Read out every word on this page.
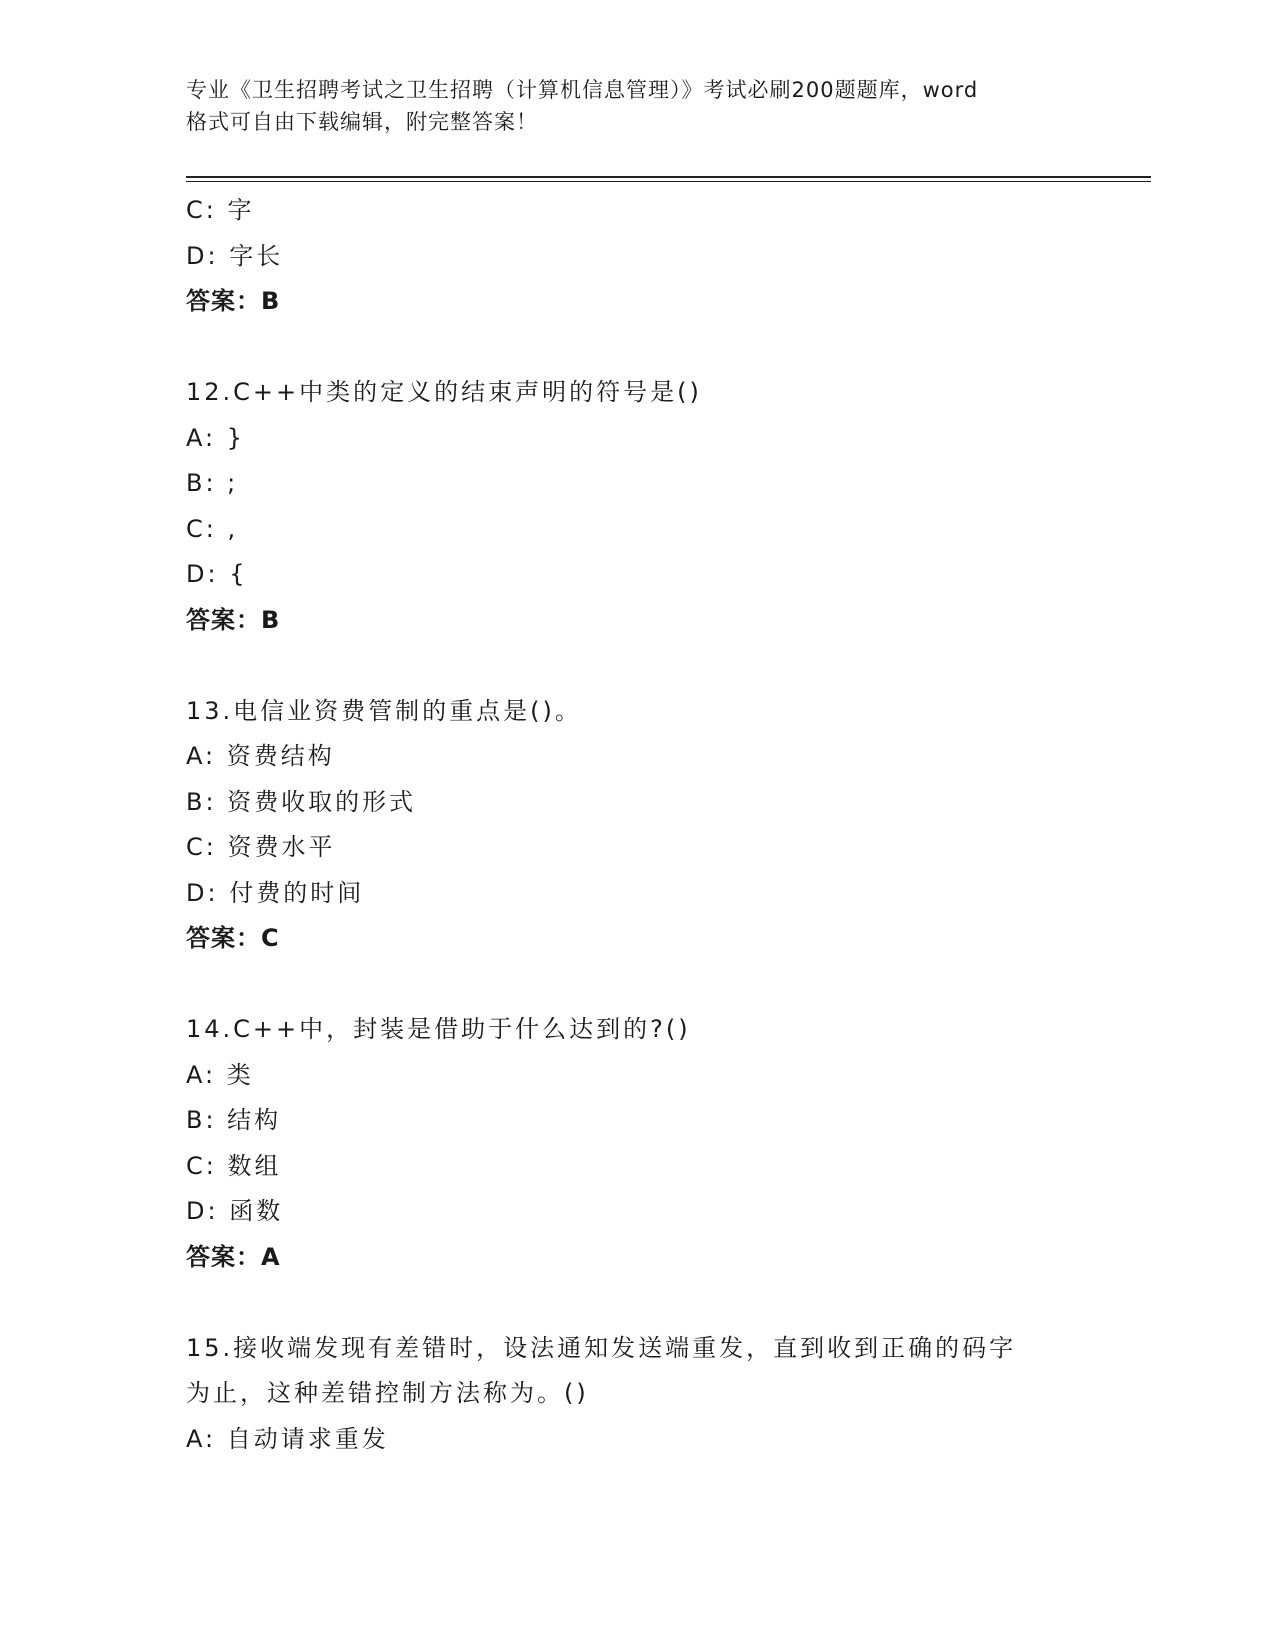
专业《卫生招聘考试之卫生招聘（计算机信息管理）》考试必刷200题题库，word
格式可自由下载编辑，附完整答案！
C: 字
D: 字长
答案：B
12.C++中类的定义的结束声明的符号是()
A: }
B: ;
C: ,
D: {
答案：B
13.电信业资费管制的重点是()。
A: 资费结构
B: 资费收取的形式
C: 资费水平
D: 付费的时间
答案：C
14.C++中，封装是借助于什么达到的?()
A: 类
B: 结构
C: 数组
D: 函数
答案：A
15.接收端发现有差错时，设法通知发送端重发，直到收到正确的码字
为止，这种差错控制方法称为。()
A: 自动请求重发
